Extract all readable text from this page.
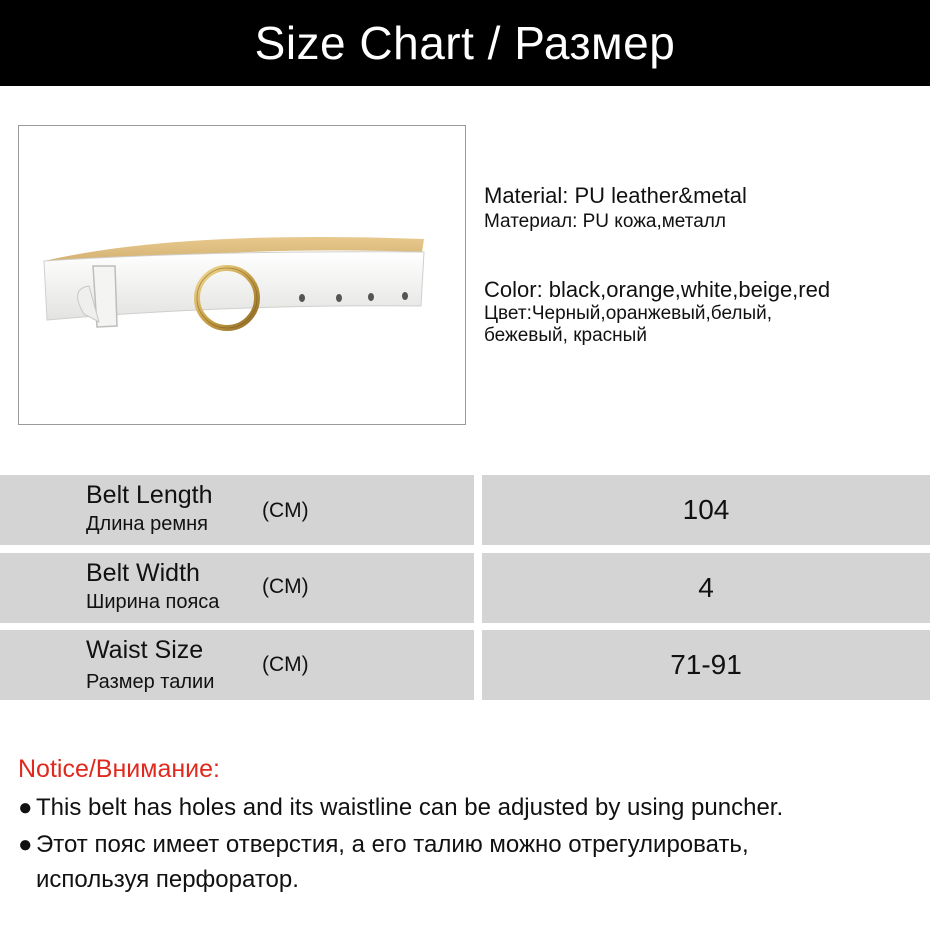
Size Chart / Размер
Material: PU leather&metal
Материал: PU кожа,металл
Color: black,orange,white,beige,red
Цвет:Черный,оранжевый,белый,
бежевый, красный
Belt Length
Длина ремня
(CM)	104
Belt Width
Ширина пояса
(CM)	4
Waist Size
Размер талии
(CM)	71-91
Notice/Внимание:
● This belt has holes and its waistline can be adjusted by using puncher.
● Этот пояс имеет отверстия, а его талию можно отрегулировать,
используя перфоратор.
